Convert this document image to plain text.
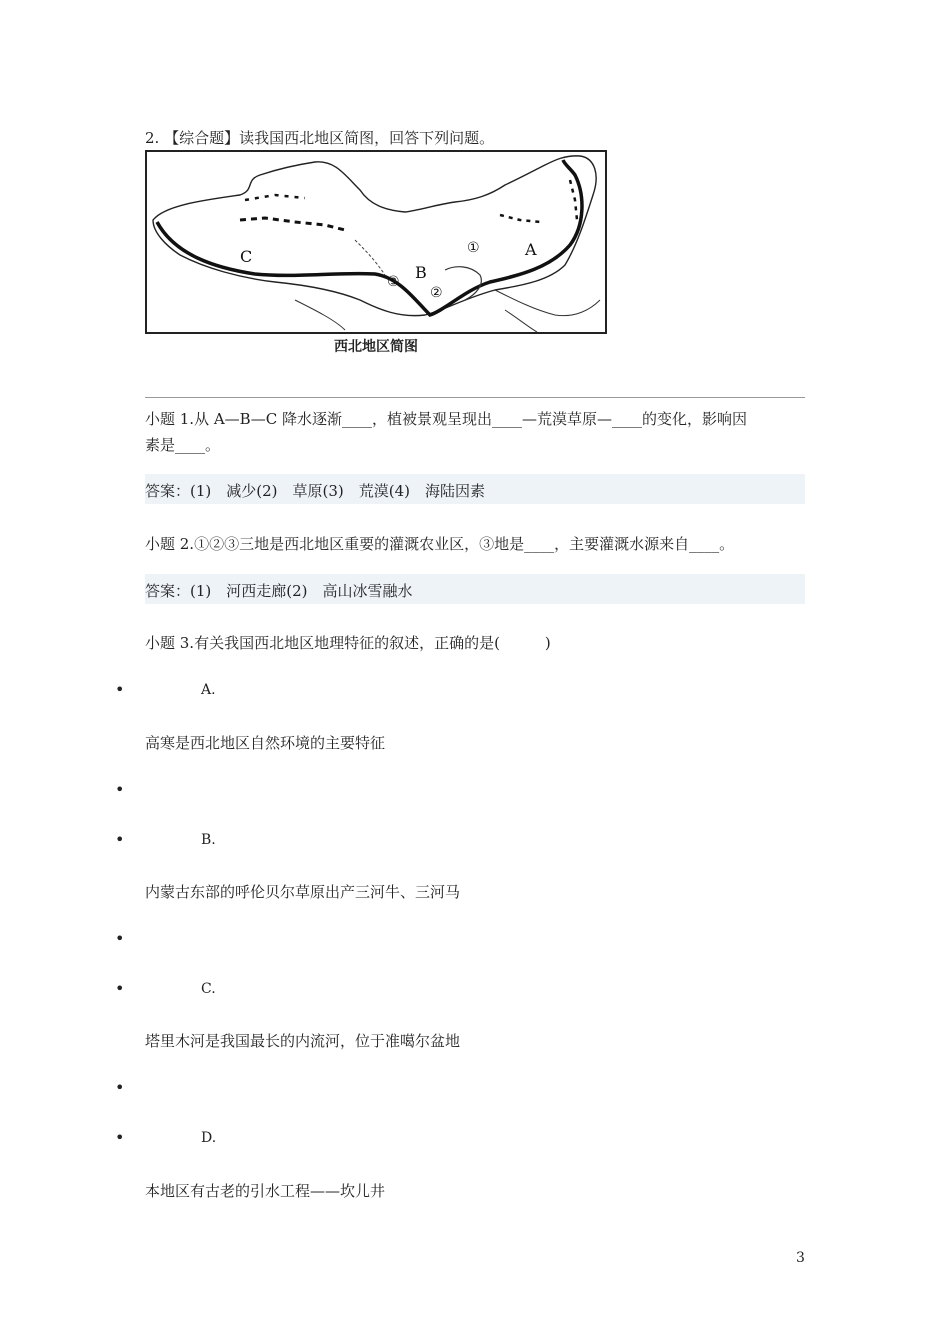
2. 【综合题】读我国西北地区简图，回答下列问题。
C
B
A
①
②
③
西北地区简图
小题 1.从 A—B—C 降水逐渐____，植被景观呈现出____—荒漠草原—____的变化，影响因
素是____。
答案：(1)　减少(2)　草原(3)　荒漠(4)　海陆因素
小题 2.①②③三地是西北地区重要的灌溉农业区，③地是____，主要灌溉水源来自____。
答案：(1)　河西走廊(2)　高山冰雪融水
小题 3.有关我国西北地区地理特征的叙述，正确的是(　　　)
•	A.
高寒是西北地区自然环境的主要特征
•
•	B.
内蒙古东部的呼伦贝尔草原出产三河牛、三河马
•
•	C.
塔里木河是我国最长的内流河，位于准噶尔盆地
•
•	D.
本地区有古老的引水工程——坎儿井
3
